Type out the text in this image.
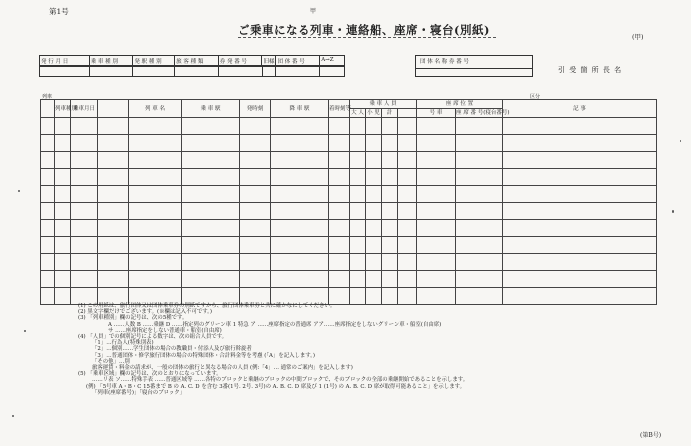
第1号	甲
ご乗車になる列車・連絡船、座席・寝台(別紙)	(甲)
発 行 月 日	乗 車 種 別	発 駅 種 別	旅 客 種 類	券 発 番 号	旧様 団 体 番 号	A→Z	団 体 名 称 券 番 号
引 受 箇 所 長 名
列車	区分
	列車種別	乗車月日		列 車 名	乗 車 駅	発時刻	降 車 駅	着時刻等	乗 車 人 員				座 席 位 置		記 事
									大 人	小 児	計		号 車	座 席 番 号(寝台番号)	

(1) この用紙は、旅行団体又は団体乗車券の別紙ですから、旅行団体乗車券と共に確かなにしてください。
(2) 黒文字欄だけでございます。(※欄は記入不可です。)
(3) 「列車種別」欄の記号は、次の5種です。
A ……人数 B ……乗継 D ……指定列のグリーン車 1 特急 ア ……座席指定の普通席 アア……座席指定をしないグリーン車・船室(自由席)
サ ……座席指定をしない普通車・船室(自由席)
(4) 「人員」での個別記号による数字は、次の組合人員です。
「1」…行為人(特殊別表)
「2」…個別……学生団体の場合の教職員・付添人及び旅行斡旋者
「3」…普通団体・修学旅行団体の場合の特殊団体・合計料金等を考慮 (「A」を記入します。)
「その他」…別
旅客運賃・料金の請求が、一般の団体の旅行と異なる場合の人員 (例:「4」… 通常のご案内」を記入します)
(5) 「乗車区域」欄の記号は、次のとおりになっています。
……リ表 ソ……特殊手表 ……普通区域等 ……各特のブロックと乗継のブロックの中間ブロックで、そのブロックの全部の乗継開始であることを示します。
(例) 「5号車 A・B・C 15番まで B の A. C. D を含む 3番(1号. 2号. 3号)の A. B. C. D 席及び 1 (1号) の A. B. C. D 席が取得可能あること」を示します。
「列車(座席番号)」「寝台のブロック」
(第B号)
